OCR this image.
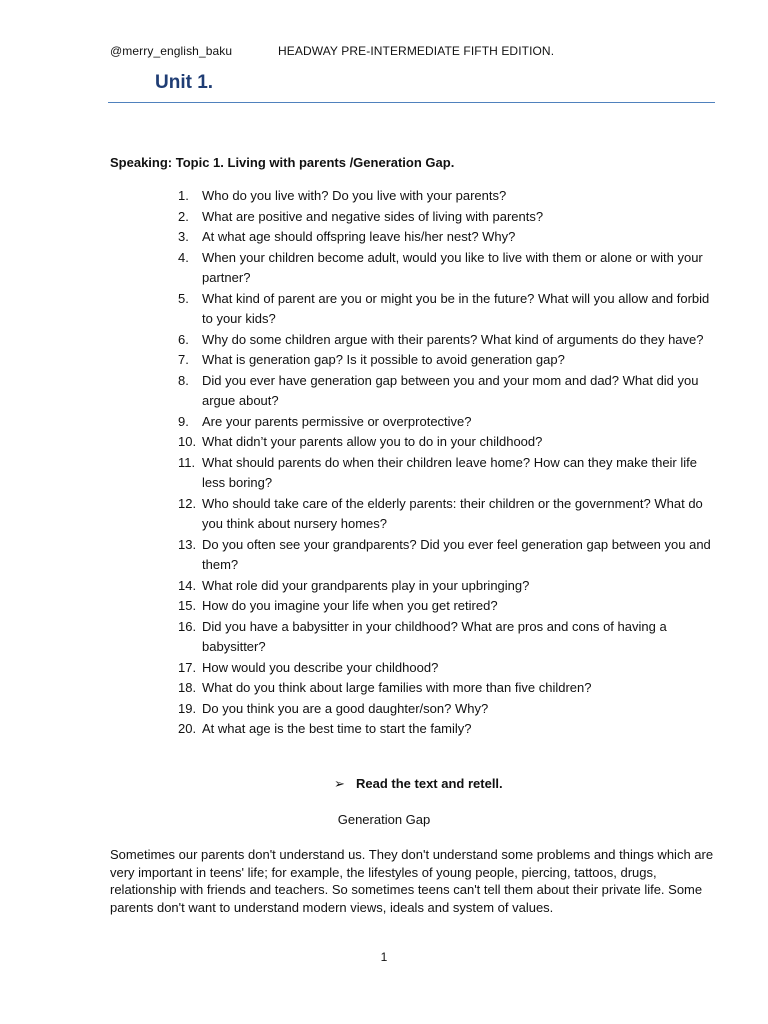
@merry_english_baku	HEADWAY PRE-INTERMEDIATE FIFTH EDITION.
Unit 1.
Speaking: Topic 1. Living with parents /Generation Gap.
1. Who do you live with? Do you live with your parents?
2. What are positive and negative sides of living with parents?
3. At what age should offspring leave his/her nest? Why?
4. When your children become adult, would you like to live with them or alone or with your partner?
5. What kind of parent are you or might you be in the future? What will you allow and forbid to your kids?
6. Why do some children argue with their parents? What kind of arguments do they have?
7. What is generation gap? Is it possible to avoid generation gap?
8. Did you ever have generation gap between you and your mom and dad? What did you argue about?
9. Are your parents permissive or overprotective?
10. What didn’t your parents allow you to do in your childhood?
11. What should parents do when their children leave home? How can they make their life less boring?
12. Who should take care of the elderly parents: their children or the government? What do you think about nursery homes?
13. Do you often see your grandparents? Did you ever feel generation gap between you and them?
14. What role did your grandparents play in your upbringing?
15. How do you imagine your life when you get retired?
16. Did you have a babysitter in your childhood? What are pros and cons of having a babysitter?
17. How would you describe your childhood?
18. What do you think about large families with more than five children?
19. Do you think you are a good daughter/son? Why?
20. At what age is the best time to start the family?
➢ Read the text and retell.
Generation Gap

Sometimes our parents don't understand us. They don't understand some problems and things which are very important in teens' life; for example, the lifestyles of young people, piercing, tattoos, drugs, relationship with friends and teachers. So sometimes teens can't tell them about their private life. Some parents don't want to understand modern views, ideals and system of values.

1
